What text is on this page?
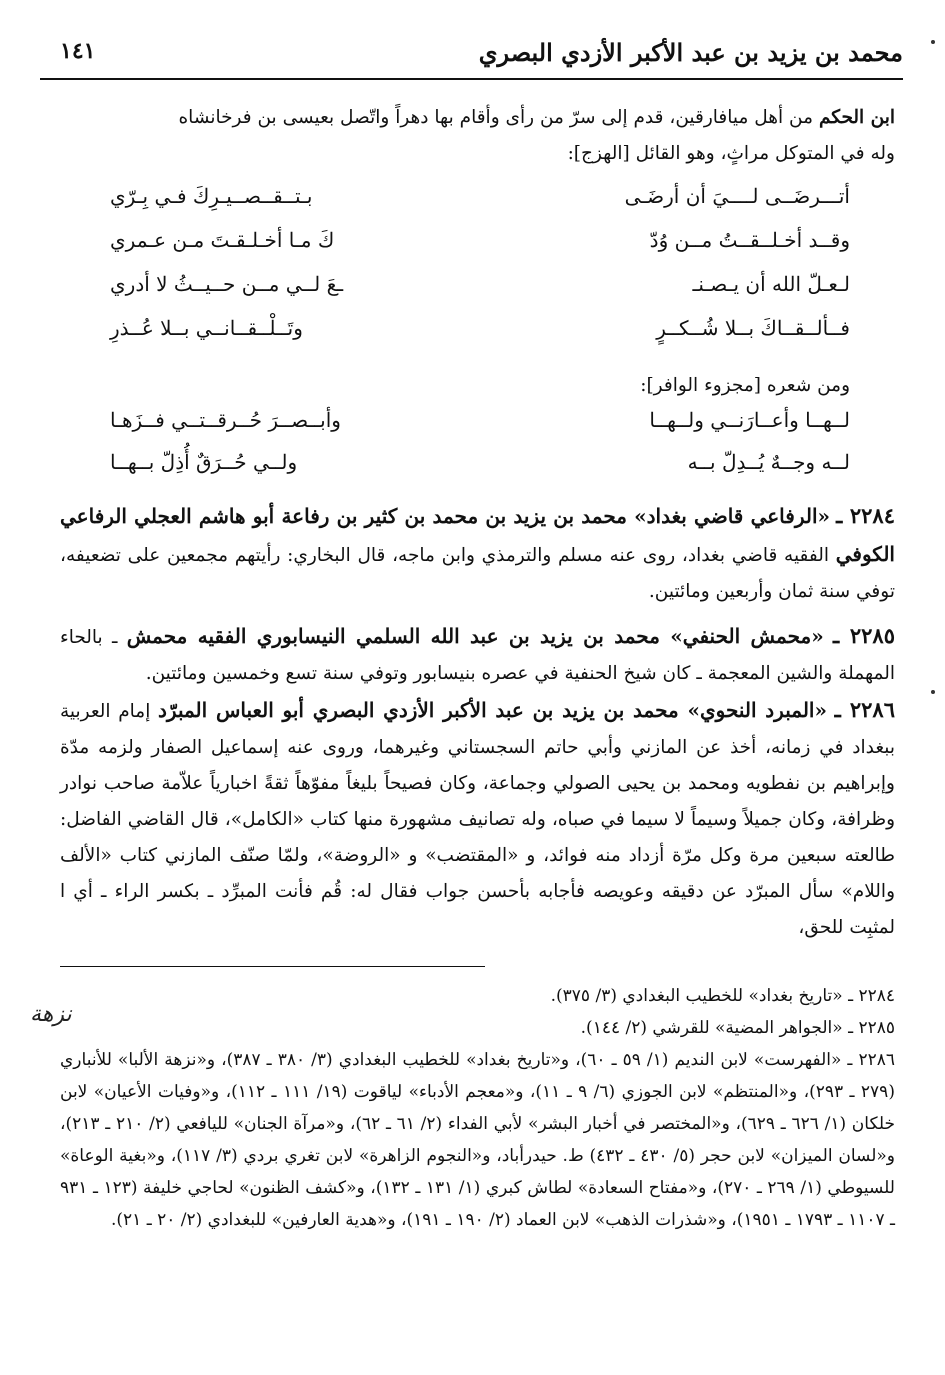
محمد بن يزيد بن عبد الأكبر الأزدي البصري
١٤١

ابن الحكم من أهل ميافارقين، قدم إلى سرّ من رأى وأقام بها دهراً واتّصل بعيسى بن فرخانشاه

وله في المتوكل مراثٍ، وهو القائل [الهزج]:

أتـــرضَــى لــــيَ أن أرضَـى
بـتــقــصــيـرِكَ فـي بِـرّي
وقــد أخـلــقــتُ مــن وُدّ
كَ مـا أخـلـقـتَ مـن عـمري
لـعـلّ الله أن يـصـنـ
ـعَ لــي مــن حــيــثُ لا أدري
فــألــقــاكَ بــلا شُــكــرٍ
وتَــلْــقــانــي بــلا عُــذرِ
ومن شعره [مجزوء الوافر]:
لــهــا وأعــارَنــي ولــهــا
وأبــصــرَ حُــرقــتــي فــزَهـا
لــه وجــهٌ يُــدِلّ بــه
ولــي حُــرَقٌ أُذِلّ بــهــا
٢٢٨٤ ـ «الرفاعي قاضي بغداد» محمد بن يزيد بن محمد بن كثير بن رفاعة أبو هاشم العجلي الرفاعي الكوفي الفقيه قاضي بغداد، روى عنه مسلم والترمذي وابن ماجه، قال البخاري: رأيتهم مجمعين على تضعيفه، توفي سنة ثمان وأربعين ومائتين.
٢٢٨٥ ـ «محمش الحنفي» محمد بن يزيد بن عبد الله السلمي النيسابوري الفقيه محمش ـ بالحاء المهملة والشين المعجمة ـ كان شيخ الحنفية في عصره بنيسابور وتوفي سنة تسع وخمسين ومائتين.
٢٢٨٦ ـ «المبرد النحوي» محمد بن يزيد بن عبد الأكبر الأزدي البصري أبو العباس المبرّد إمام العربية ببغداد في زمانه، أخذ عن المازني وأبي حاتم السجستاني وغيرهما، وروى عنه إسماعيل الصفار ولزمه مدّة وإبراهيم بن نفطويه ومحمد بن يحيى الصولي وجماعة، وكان فصيحاً بليغاً مفوّهاً ثقةً اخبارياً علاّمة صاحب نوادر وظرافة، وكان جميلاً وسيماً لا سيما في صباه، وله تصانيف مشهورة منها كتاب «الكامل»، قال القاضي الفاضل: طالعته سبعين مرة وكل مرّة أزداد منه فوائد، و «المقتضب» و «الروضة»، ولمّا صنّف المازني كتاب «الألف واللام» سأل المبرّد عن دقيقه وعويصه فأجابه بأحسن جواب فقال له: قُم فأنت المبرِّد ـ بكسر الراء ـ أي ا لمثبِت للحق،
٢٢٨٤ ـ «تاريخ بغداد» للخطيب البغدادي (٣/ ٣٧٥).
٢٢٨٥ ـ «الجواهر المضية» للقرشي (٢/ ١٤٤).
٢٢٨٦ ـ «الفهرست» لابن النديم (١/ ٥٩ ـ ٦٠)، و«تاريخ بغداد» للخطيب البغدادي (٣/ ٣٨٠ ـ ٣٨٧)، و«نزهة الألبا» للأنباري (٢٧٩ ـ ٢٩٣)، و«المنتظم» لابن الجوزي (٦/ ٩ ـ ١١)، و«معجم الأدباء» لياقوت (١٩/ ١١١ ـ ١١٢)، و«وفيات الأعيان» لابن خلكان (١/ ٦٢٦ ـ ٦٢٩)، و«المختصر في أخبار البشر» لأبي الفداء (٢/ ٦١ ـ ٦٢)، و«مرآة الجنان» لليافعي (٢/ ٢١٠ ـ ٢١٣)، و«لسان الميزان» لابن حجر (٥/ ٤٣٠ ـ ٤٣٢) ط. حيدرأباد، و«النجوم الزاهرة» لابن تغري بردي (٣/ ١١٧)، و«بغية الوعاة» للسيوطي (١/ ٢٦٩ ـ ٢٧٠)، و«مفتاح السعادة» لطاش كبري (١/ ١٣١ ـ ١٣٢)، و«كشف الظنون» لحاجي خليفة (١٢٣ ـ ٩٣١ ـ ١١٠٧ ـ ١٧٩٣ ـ ١٩٥١)، و«شذرات الذهب» لابن العماد (٢/ ١٩٠ ـ ١٩١)، و«هدية العارفين» للبغدادي (٢/ ٢٠ ـ ٢١).
نزهة
